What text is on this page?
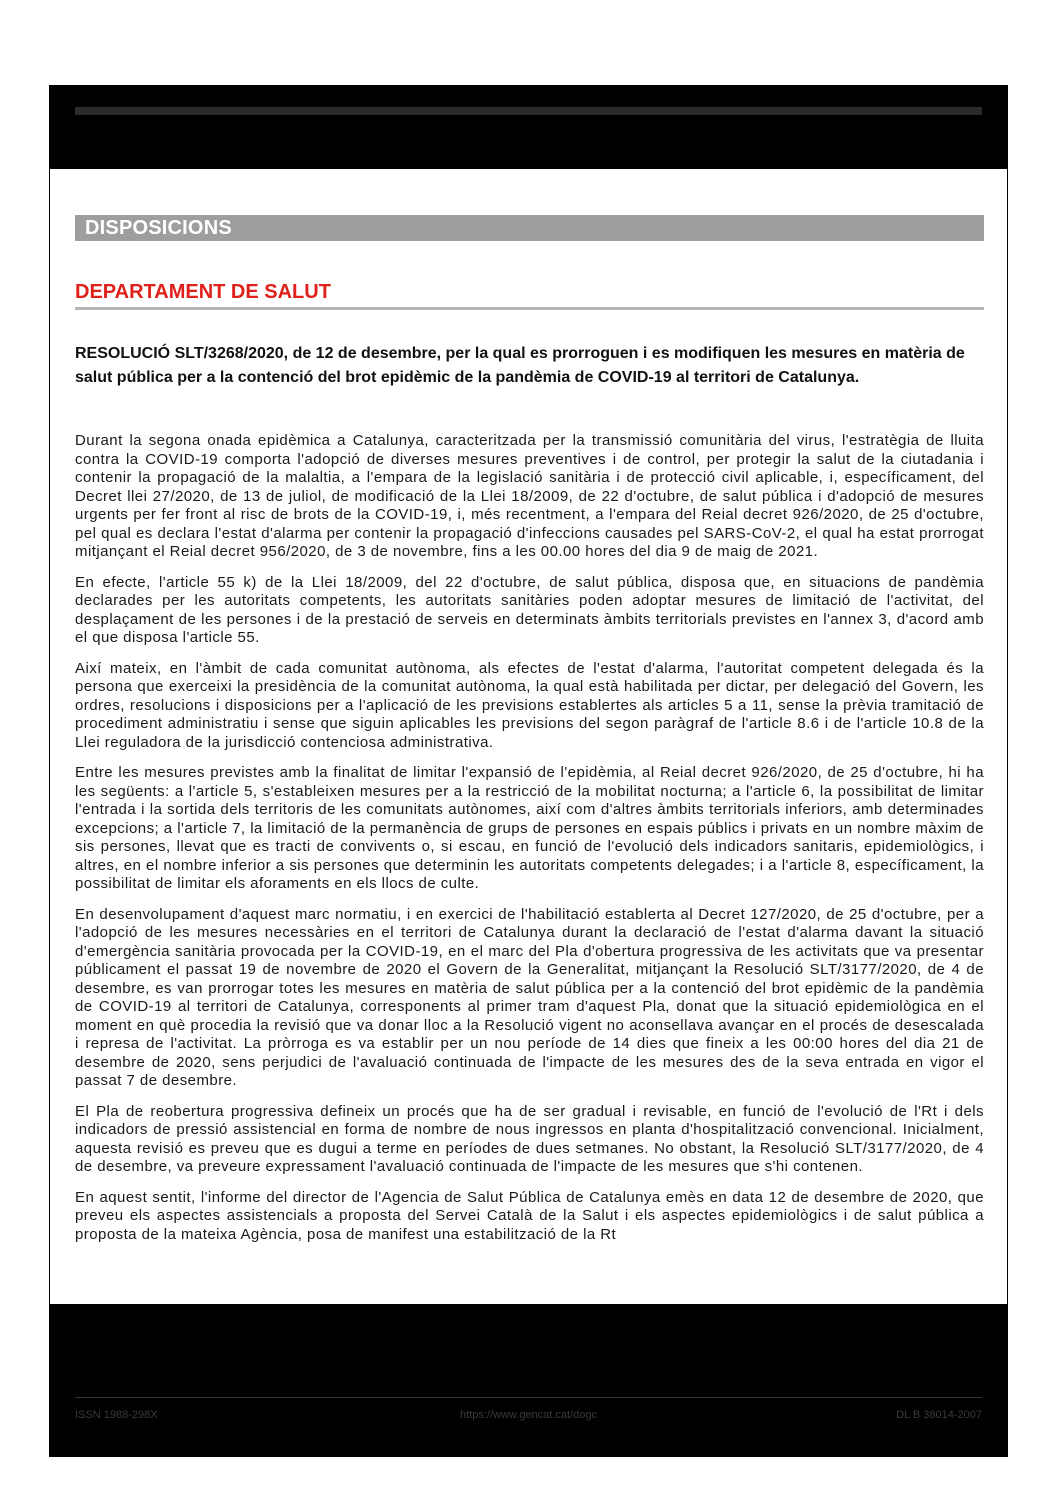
DISPOSICIONS
DEPARTAMENT DE SALUT
RESOLUCIÓ SLT/3268/2020, de 12 de desembre, per la qual es prorroguen i es modifiquen les mesures en matèria de salut pública per a la contenció del brot epidèmic de la pandèmia de COVID-19 al territori de Catalunya.

Durant la segona onada epidèmica a Catalunya, caracteritzada per la transmissió comunitària del virus, l'estratègia de lluita contra la COVID-19 comporta l'adopció de diverses mesures preventives i de control, per protegir la salut de la ciutadania i contenir la propagació de la malaltia, a l'empara de la legislació sanitària i de protecció civil aplicable, i, específicament, del Decret llei 27/2020, de 13 de juliol, de modificació de la Llei 18/2009, de 22 d'octubre, de salut pública i d'adopció de mesures urgents per fer front al risc de brots de la COVID-19, i, més recentment, a l'empara del Reial decret 926/2020, de 25 d'octubre, pel qual es declara l'estat d'alarma per contenir la propagació d'infeccions causades pel SARS-CoV-2, el qual ha estat prorrogat mitjançant el Reial decret 956/2020, de 3 de novembre, fins a les 00.00 hores del dia 9 de maig de 2021.

En efecte, l'article 55 k) de la Llei 18/2009, del 22 d'octubre, de salut pública, disposa que, en situacions de pandèmia declarades per les autoritats competents, les autoritats sanitàries poden adoptar mesures de limitació de l'activitat, del desplaçament de les persones i de la prestació de serveis en determinats àmbits territorials previstes en l'annex 3, d'acord amb el que disposa l'article 55.

Així mateix, en l'àmbit de cada comunitat autònoma, als efectes de l'estat d'alarma, l'autoritat competent delegada és la persona que exerceixi la presidència de la comunitat autònoma, la qual està habilitada per dictar, per delegació del Govern, les ordres, resolucions i disposicions per a l'aplicació de les previsions establertes als articles 5 a 11, sense la prèvia tramitació de procediment administratiu i sense que siguin aplicables les previsions del segon paràgraf de l'article 8.6 i de l'article 10.8 de la Llei reguladora de la jurisdicció contenciosa administrativa.

Entre les mesures previstes amb la finalitat de limitar l'expansió de l'epidèmia, al Reial decret 926/2020, de 25 d'octubre, hi ha les següents: a l'article 5, s'estableixen mesures per a la restricció de la mobilitat nocturna; a l'article 6, la possibilitat de limitar l'entrada i la sortida dels territoris de les comunitats autònomes, així com d'altres àmbits territorials inferiors, amb determinades excepcions; a l'article 7, la limitació de la permanència de grups de persones en espais públics i privats en un nombre màxim de sis persones, llevat que es tracti de convivents o, si escau, en funció de l'evolució dels indicadors sanitaris, epidemiològics, i altres, en el nombre inferior a sis persones que determinin les autoritats competents delegades; i a l'article 8, específicament, la possibilitat de limitar els aforaments en els llocs de culte.

En desenvolupament d'aquest marc normatiu, i en exercici de l'habilitació establerta al Decret 127/2020, de 25 d'octubre, per a l'adopció de les mesures necessàries en el territori de Catalunya durant la declaració de l'estat d'alarma davant la situació d'emergència sanitària provocada per la COVID-19, en el marc del Pla d'obertura progressiva de les activitats que va presentar públicament el passat 19 de novembre de 2020 el Govern de la Generalitat, mitjançant la Resolució SLT/3177/2020, de 4 de desembre, es van prorrogar totes les mesures en matèria de salut pública per a la contenció del brot epidèmic de la pandèmia de COVID-19 al territori de Catalunya, corresponents al primer tram d'aquest Pla, donat que la situació epidemiològica en el moment en què procedia la revisió que va donar lloc a la Resolució vigent no aconsellava avançar en el procés de desescalada i represa de l'activitat. La pròrroga es va establir per un nou període de 14 dies que fineix a les 00:00 hores del dia 21 de desembre de 2020, sens perjudici de l'avaluació continuada de l'impacte de les mesures des de la seva entrada en vigor el passat 7 de desembre.

El Pla de reobertura progressiva defineix un procés que ha de ser gradual i revisable, en funció de l'evolució de l'Rt i dels indicadors de pressió assistencial en forma de nombre de nous ingressos en planta d'hospitalització convencional. Inicialment, aquesta revisió es preveu que es dugui a terme en períodes de dues setmanes. No obstant, la Resolució SLT/3177/2020, de 4 de desembre, va preveure expressament l'avaluació continuada de l'impacte de les mesures que s'hi contenen.

En aquest sentit, l'informe del director de l'Agencia de Salut Pública de Catalunya emès en data 12 de desembre de 2020, que preveu els aspectes assistencials a proposta del Servei Català de la Salut i els aspectes epidemiològics i de salut pública a proposta de la mateixa Agència, posa de manifest una estabilització de la Rt

ISSN 1988-298X	https://www.gencat.cat/dogc	DL B 38014-2007
